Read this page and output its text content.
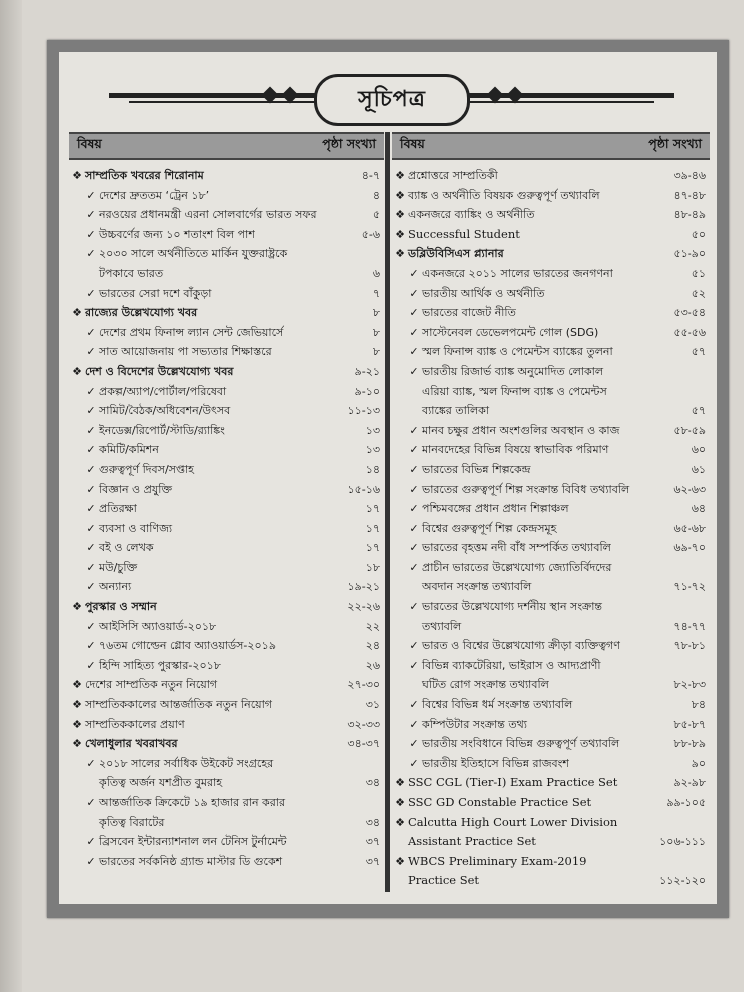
সূচিপত্র
বিষয়	পৃষ্ঠা সংখ্যা
❖ সাম্প্রতিক খবরের শিরোনাম	৪-৭
✓ দেশের দ্রুততম ‘ট্রেন ১৮’	৪
✓ নরওয়ের প্রধানমন্ত্রী এরনা সোলবার্গের ভারত সফর	৫
✓ উচ্চবর্ণের জন্য ১০ শতাংশ বিল পাশ	৫-৬
✓ ২০৩০ সালে অর্থনীতিতে মার্কিন যুক্তরাষ্ট্রকে
টপকাবে ভারত	৬
✓ ভারতের সেরা দশে বাঁকুড়া	৭
❖ রাজ্যের উল্লেখযোগ্য খবর	৮
✓ দেশের প্রথম ফিনান্স ল্যান সেন্ট জেভিয়ার্সে	৮
✓ সাত আয়োজনায় পা সভ্যতার শিক্ষাস্তরে	৮
❖ দেশ ও বিদেশের উল্লেখযোগ্য খবর	৯-২১
✓ প্রকল্প/অ্যাপ/পোর্টাল/পরিষেবা	৯-১০
✓ সামিট/বৈঠক/অধিবেশন/উৎসব	১১-১৩
✓ ইনডেক্স/রিপোর্ট/স্টাডি/র‍্যাঙ্কিং	১৩
✓ কমিটি/কমিশন	১৩
✓ গুরুত্বপূর্ণ দিবস/সপ্তাহ	১৪
✓ বিজ্ঞান ও প্রযুক্তি	১৫-১৬
✓ প্রতিরক্ষা	১৭
✓ ব্যবসা ও বাণিজ্য	১৭
✓ বই ও লেখক	১৭
✓ মউ/চুক্তি	১৮
✓ অন্যান্য	১৯-২১
❖ পুরস্কার ও সম্মান	২২-২৬
✓ আইসিসি অ্যাওয়ার্ড-২০১৮	২২
✓ ৭৬তম গোল্ডেন গ্লোব অ্যাওয়ার্ডস-২০১৯	২৪
✓ হিন্দি সাহিত্য পুরস্কার-২০১৮	২৬
❖ দেশের সাম্প্রতিক নতুন নিয়োগ	২৭-৩০
❖ সাম্প্রতিককালের আন্তর্জাতিক নতুন নিয়োগ	৩১
❖ সাম্প্রতিককালের প্রয়াণ	৩২-৩৩
❖ খেলাধুলার খবরাখবর	৩৪-৩৭
✓ ২০১৮ সালের সর্বাধিক উইকেট সংগ্রহের
কৃতিত্ব অর্জন যশপ্রীত বুমরাহ	৩৪
✓ আন্তর্জাতিক ক্রিকেটে ১৯ হাজার রান করার
কৃতিত্ব বিরাটের	৩৪
✓ ব্রিসবেন ইন্টারন্যাশনাল লন টেনিস টুর্নামেন্ট	৩৭
✓ ভারতের সর্বকনিষ্ঠ গ্র্যান্ড মাস্টার ডি গুকেশ	৩৭
বিষয়	পৃষ্ঠা সংখ্যা
❖ প্রশ্নোত্তরে সাম্প্রতিকী	৩৯-৪৬
❖ ব্যাঙ্ক ও অর্থনীতি বিষয়ক গুরুত্বপূর্ণ তথ্যাবলি	৪৭-৪৮
❖ একনজরে ব্যাঙ্কিং ও অর্থনীতি	৪৮-৪৯
❖ Successful Student	৫০
❖ ডব্লিউবিসিএস প্ল্যানার	৫১-৯০
✓ একনজরে ২০১১ সালের ভারতের জনগণনা	৫১
✓ ভারতীয় আর্থিক ও অর্থনীতি	৫২
✓ ভারতের বাজেট নীতি	৫৩-৫৪
✓ সাস্টেনেবল ডেভেলপমেন্ট গোল (SDG)	৫৫-৫৬
✓ স্মল ফিনান্স ব্যাঙ্ক ও পেমেন্টস ব্যাঙ্কের তুলনা	৫৭
✓ ভারতীয় রিজার্ভ ব্যাঙ্ক অনুমোদিত লোকাল
এরিয়া ব্যাঙ্ক, স্মল ফিনান্স ব্যাঙ্ক ও পেমেন্টস
ব্যাঙ্কের তালিকা	৫৭
✓ মানব চক্ষুর প্রধান অংশগুলির অবস্থান ও কাজ	৫৮-৫৯
✓ মানবদেহের বিভিন্ন বিষয়ে স্বাভাবিক পরিমাণ	৬০
✓ ভারতের বিভিন্ন শিল্পকেন্দ্র	৬১
✓ ভারতের গুরুত্বপূর্ণ শিল্প সংক্রান্ত বিবিধ তথ্যাবলি	৬২-৬৩
✓ পশ্চিমবঙ্গের প্রধান প্রধান শিল্পাঞ্চল	৬৪
✓ বিশ্বের গুরুত্বপূর্ণ শিল্প কেন্দ্রসমূহ	৬৫-৬৮
✓ ভারতের বৃহত্তম নদী বাঁধ সম্পর্কিত তথ্যাবলি	৬৯-৭০
✓ প্রাচীন ভারতের উল্লেখযোগ্য জ্যোতির্বিদদের
অবদান সংক্রান্ত তথ্যাবলি	৭১-৭২
✓ ভারতের উল্লেখযোগ্য দর্শনীয় স্থান সংক্রান্ত
তথ্যাবলি	৭৪-৭৭
✓ ভারত ও বিশ্বের উল্লেখযোগ্য ক্রীড়া ব্যক্তিত্বগণ	৭৮-৮১
✓ বিভিন্ন ব্যাকটেরিয়া, ভাইরাস ও আদ্যপ্রাণী
ঘটিত রোগ সংক্রান্ত তথ্যাবলি	৮২-৮৩
✓ বিশ্বের বিভিন্ন ধর্ম সংক্রান্ত তথ্যাবলি	৮৪
✓ কম্পিউটার সংক্রান্ত তথ্য	৮৫-৮৭
✓ ভারতীয় সংবিধানে বিভিন্ন গুরুত্বপূর্ণ তথ্যাবলি	৮৮-৮৯
✓ ভারতীয় ইতিহাসে বিভিন্ন রাজবংশ	৯০
❖ SSC CGL (Tier-I) Exam Practice Set	৯২-৯৮
❖ SSC GD Constable Practice Set	৯৯-১০৫
❖ Calcutta High Court Lower Division
Assistant Practice Set	১০৬-১১১
❖ WBCS Preliminary Exam-2019
Practice Set	১১২-১২০
